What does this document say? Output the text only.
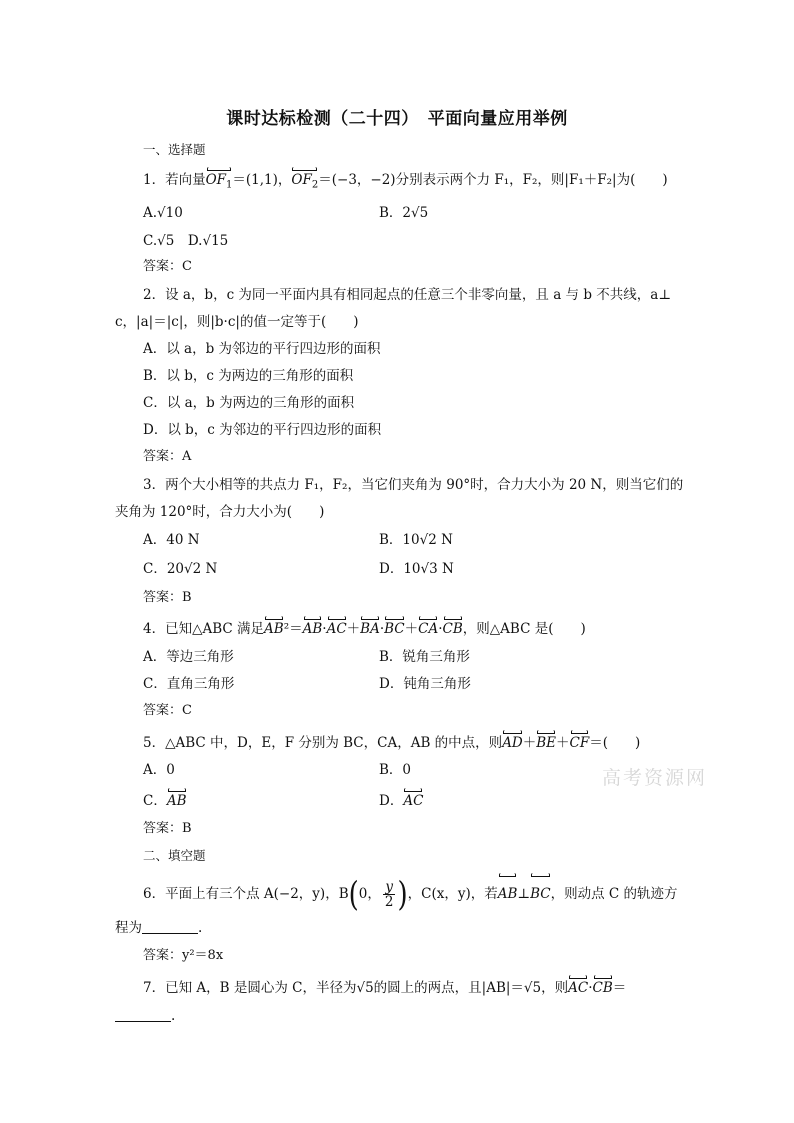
课时达标检测（二十四）　平面向量应用举例
一、选择题
1．若向量$OF_1=(1,1)$，$OF_2=(-3$，−2)分别表示两个力 F₁，F₂，则|F₁＋F₂|为(　　)
A.√10	B．2√5
C.√5　D.√15
答案：C
2．设 a，b，c 为同一平面内具有相同起点的任意三个非零向量，且 a 与 b 不共线，a⊥
c，|a|＝|c|，则|b·c|的值一定等于(　　)
A．以 a，b 为邻边的平行四边形的面积
B．以 b，c 为两边的三角形的面积
C．以 a，b 为两边的三角形的面积
D．以 b，c 为邻边的平行四边形的面积
答案：A
3．两个大小相等的共点力 F₁，F₂，当它们夹角为 90°时，合力大小为 20 N，则当它们的
夹角为 120°时，合力大小为(　　)
A．40 N	B．10√2 N
C．20√2 N	D．10√3 N
答案：B
4．已知△ABC 满足AB²＝AB·AC＋BA·BC＋CA·CB，则△ABC 是(　　)
A．等边三角形	B．锐角三角形
C．直角三角形	D．钝角三角形
答案：C
5．△ABC 中，D，E，F 分别为 BC，CA，AB 的中点，则AD＋BE＋CF＝(　　)
A．0	B．0
C．AB	D．AC
答案：B
高考资源网
二、填空题
6．平面上有三个点 A(−2，y)，B(0， $\frac{y}{2}$ )，C(x，y)，若AB⊥BC，则动点 C 的轨迹方
程为	.
答案：y²＝8x
7．已知 A，B 是圆心为 C，半径为√5的圆上的两点，且|AB|＝√5，则AC·CB＝
.
